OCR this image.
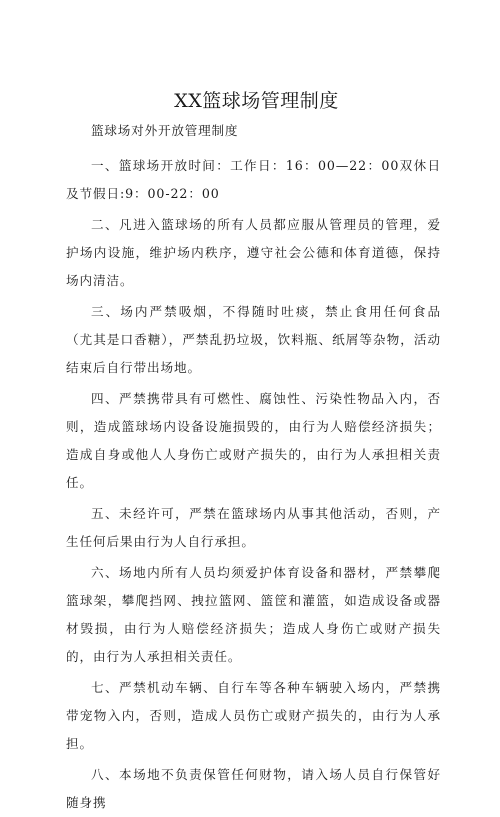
XX篮球场管理制度

篮球场对外开放管理制度

一、篮球场开放时间：工作日：16：00—22：00双休日及节假日:9：00-22：00

二、凡进入篮球场的所有人员都应服从管理员的管理，爱护场内设施，维护场内秩序，遵守社会公德和体育道德，保持场内清洁。

三、场内严禁吸烟，不得随时吐痰，禁止食用任何食品（尤其是口香糖），严禁乱扔垃圾，饮料瓶、纸屑等杂物，活动结束后自行带出场地。

四、严禁携带具有可燃性、腐蚀性、污染性物品入内，否则，造成篮球场内设备设施损毁的，由行为人赔偿经济损失；造成自身或他人人身伤亡或财产损失的，由行为人承担相关责任。

五、未经许可，严禁在篮球场内从事其他活动，否则，产生任何后果由行为人自行承担。

六、场地内所有人员均须爱护体育设备和器材，严禁攀爬篮球架，攀爬挡网、拽拉篮网、篮筐和灌篮，如造成设备或器材毁损，由行为人赔偿经济损失；造成人身伤亡或财产损失的，由行为人承担相关责任。

七、严禁机动车辆、自行车等各种车辆驶入场内，严禁携带宠物入内，否则，造成人员伤亡或财产损失的，由行为人承担。

八、本场地不负责保管任何财物，请入场人员自行保管好随身携
